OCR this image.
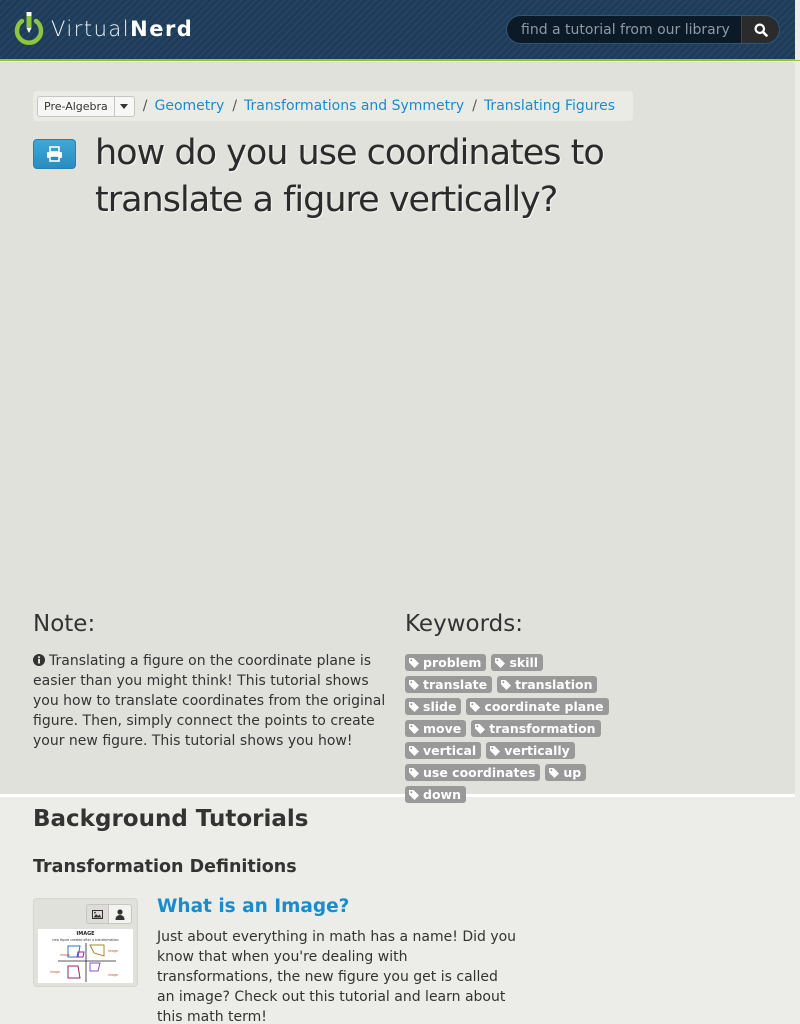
VirtualNerd
find a tutorial from our library
Pre-Algebra	/ Geometry / Transformations and Symmetry / Translating Figures
how do you use coordinates to translate a figure vertically?
Note:
Translating a figure on the coordinate plane is easier than you might think! This tutorial shows you how to translate coordinates from the original figure. Then, simply connect the points to create your new figure. This tutorial shows you how!
Keywords:
problem skill
translate translation
slide coordinate plane
move transformation
vertical vertically
use coordinates up
down
Background Tutorials
Transformation Definitions
IMAGE
new figure created after a transformation
image
image
image
image
What is an Image?

Just about everything in math has a name! Did you know that when you're dealing with transformations, the new figure you get is called an image? Check out this tutorial and learn about this math term!
